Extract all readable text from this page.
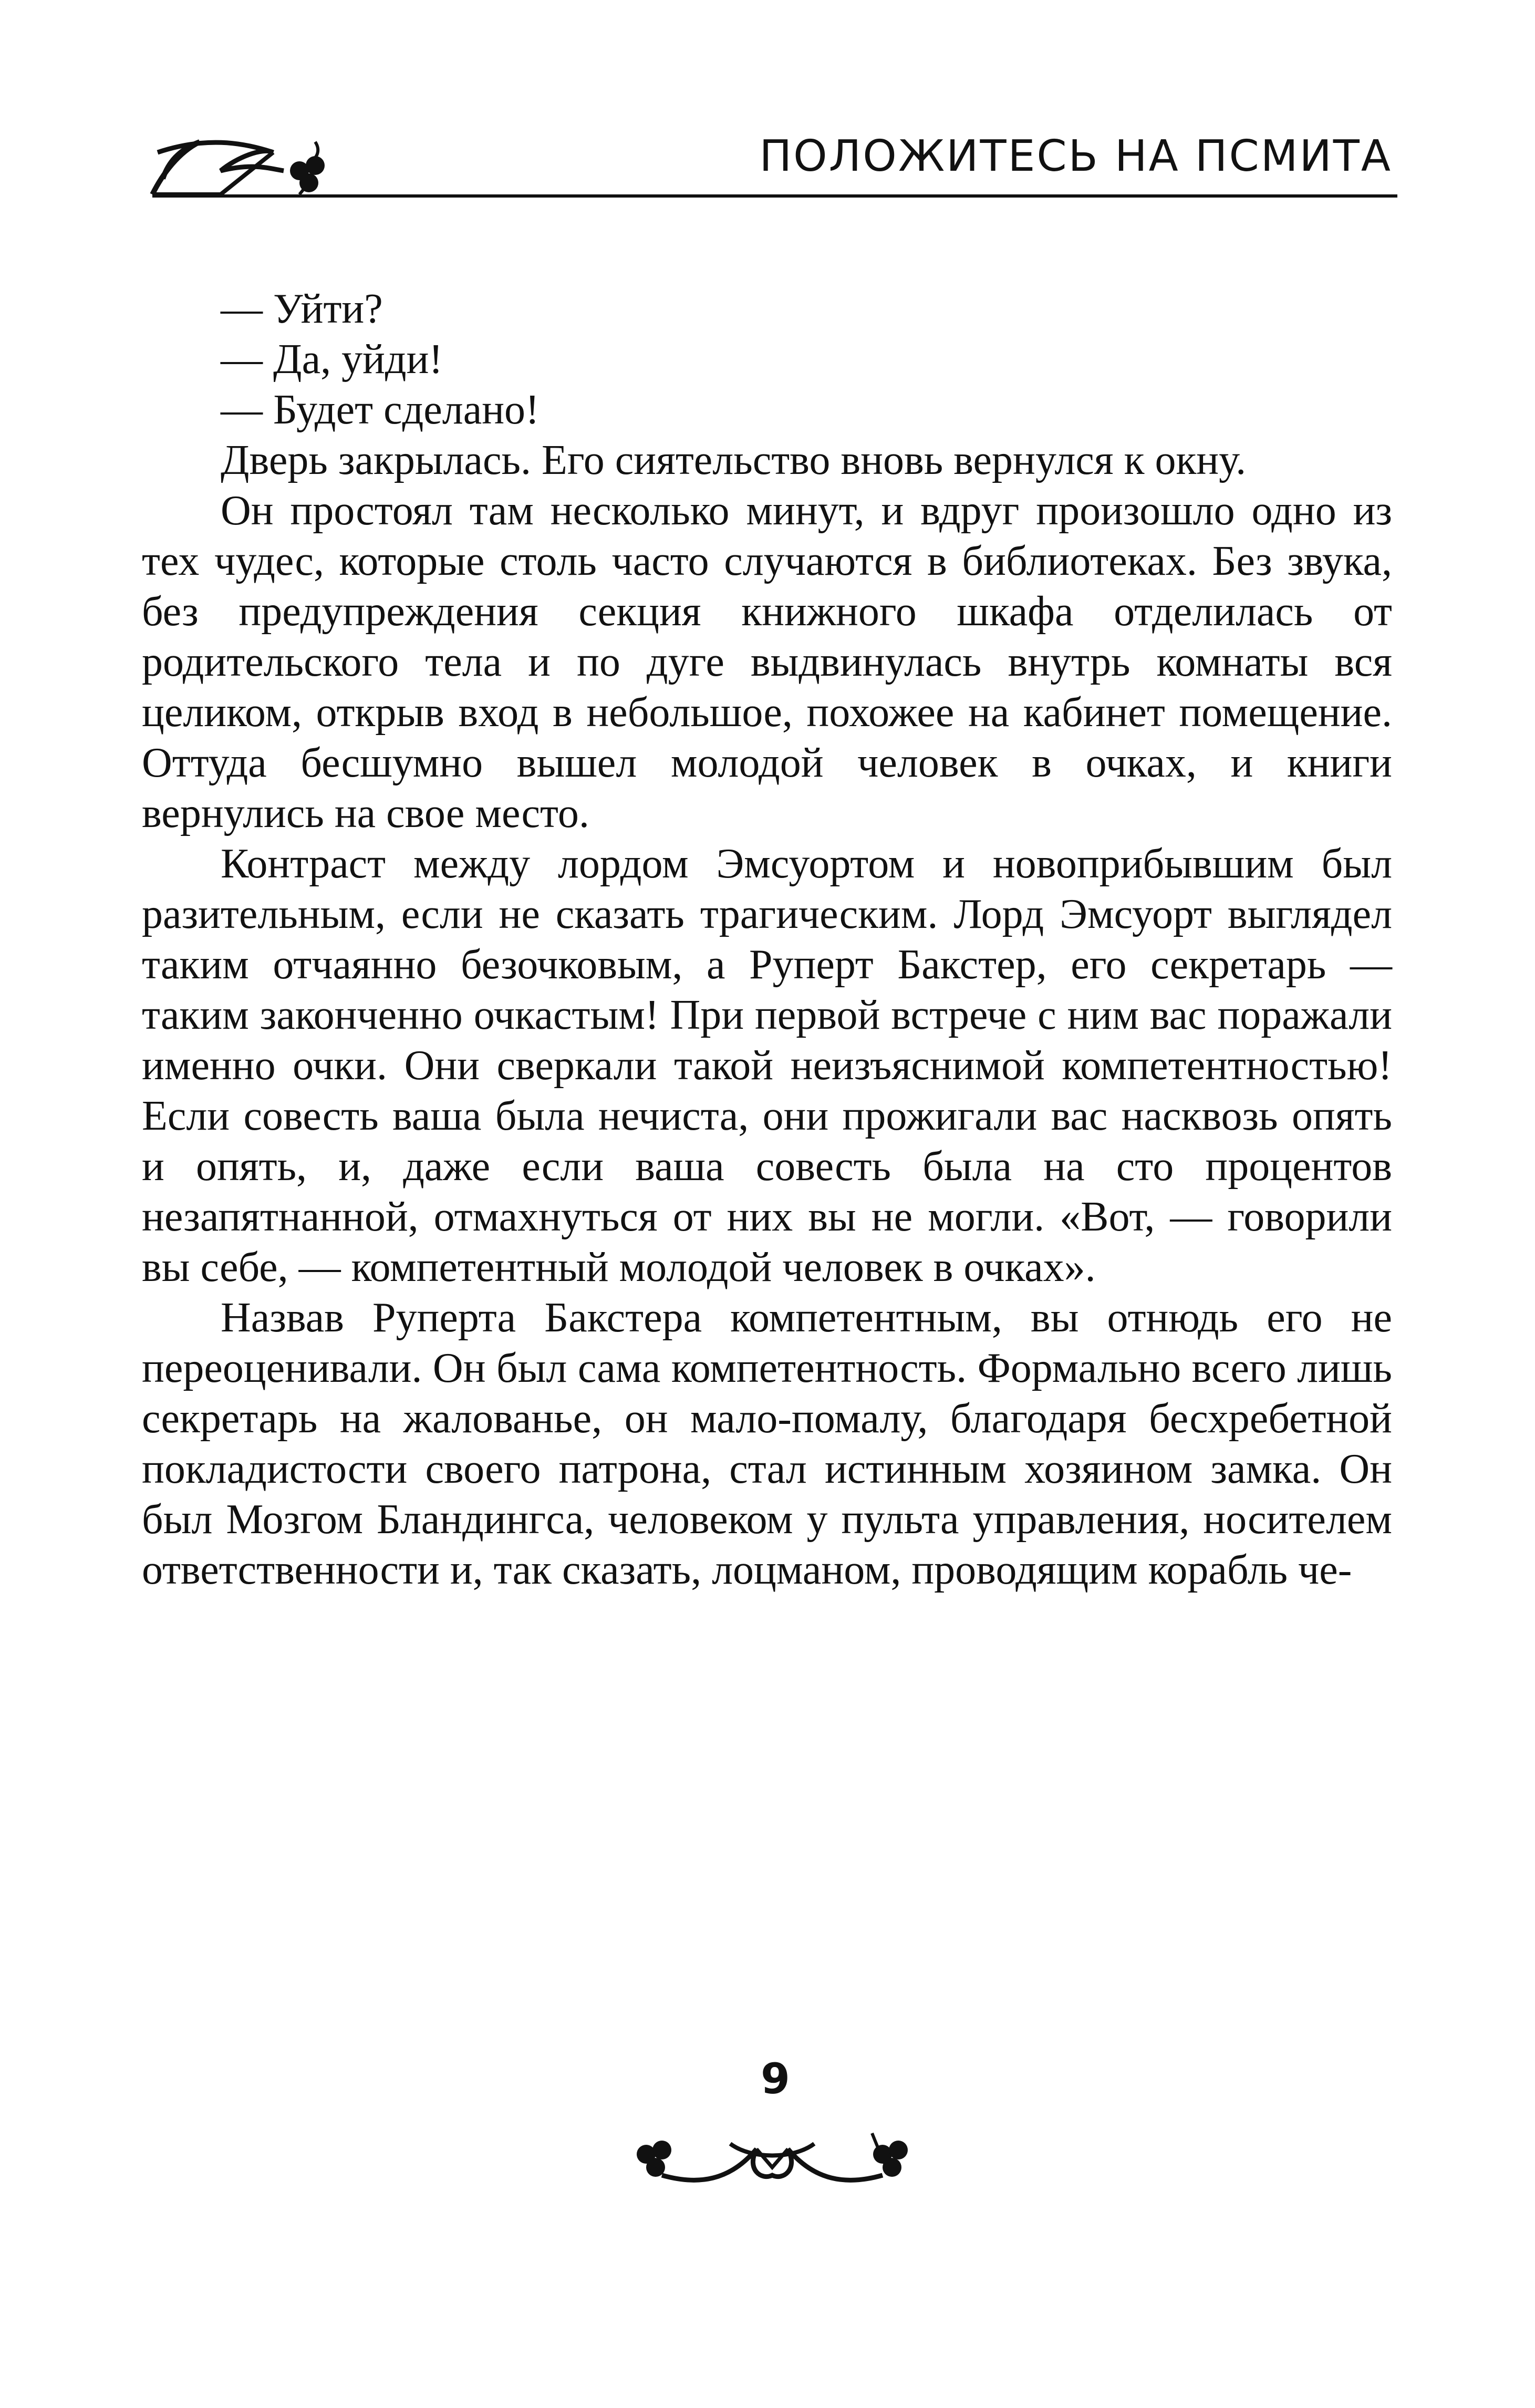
ПОЛОЖИТЕСЬ НА ПСМИТА

— Уйти?

— Да, уйди!

— Будет сделано!

Дверь закрылась. Его сиятельство вновь вернулся к окну.

Он простоял там несколько минут, и вдруг произошло одно из тех чудес, которые столь часто случаются в библиотеках. Без звука, без предупреждения секция книжного шкафа отделилась от родительского тела и по дуге выдвинулась внутрь комнаты вся целиком, открыв вход в небольшое, похожее на кабинет помещение. Оттуда бесшумно вышел молодой человек в очках, и книги вернулись на свое место.

Контраст между лордом Эмсуортом и новоприбывшим был разительным, если не сказать трагическим. Лорд Эмсуорт выглядел таким отчаянно безочковым, а Руперт Бакстер, его секретарь — таким законченно очкастым! При первой встрече с ним вас поражали именно очки. Они сверкали такой неизъяснимой компетентностью! Если совесть ваша была нечиста, они прожигали вас насквозь опять и опять, и, даже если ваша совесть была на сто процентов незапятнанной, отмахнуться от них вы не могли. «Вот, — говорили вы себе, — компетентный молодой человек в очках».

Назвав Руперта Бакстера компетентным, вы отнюдь его не переоценивали. Он был сама компетентность. Формально всего лишь секретарь на жалованье, он мало-помалу, благодаря бесхребетной покладистости своего патрона, стал истинным хозяином замка. Он был Мозгом Бландингса, человеком у пульта управления, носителем ответственности и, так сказать, лоцманом, проводящим корабль че-

9
